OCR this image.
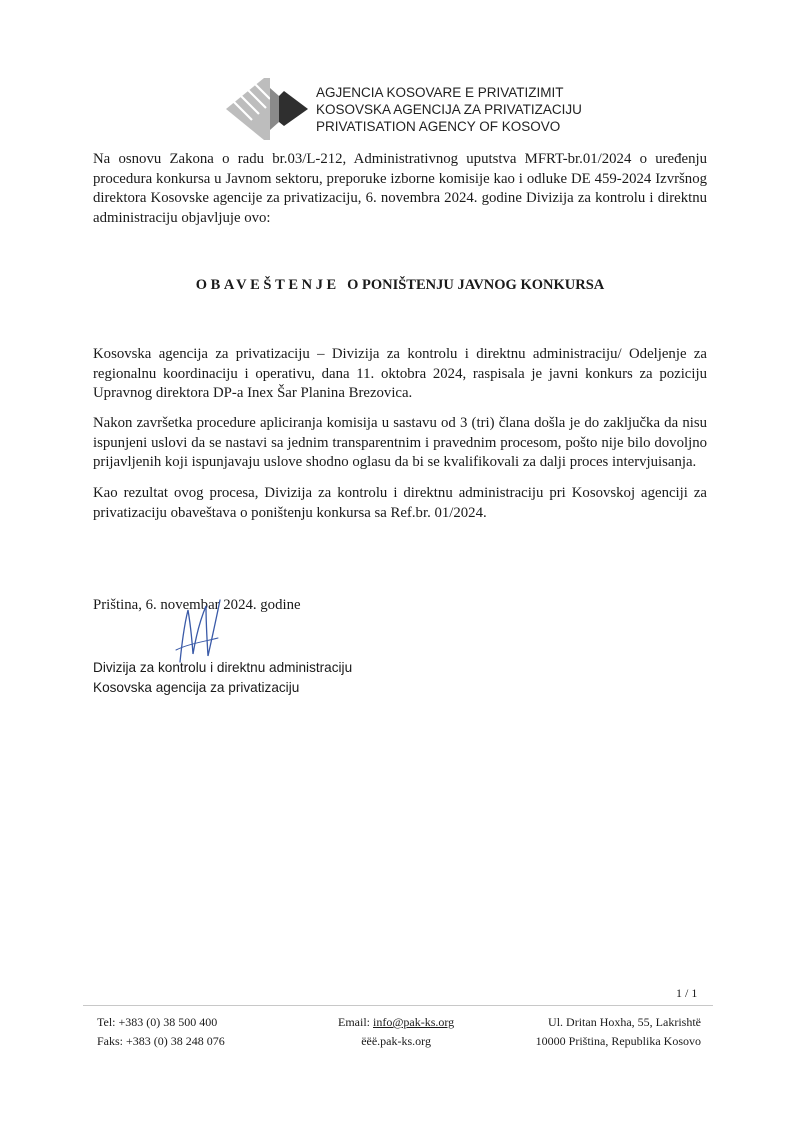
AGJENCIA KOSOVARE E PRIVATIZIMIT
KOSOVSKA AGENCIJA ZA PRIVATIZACIJU
PRIVATISATION AGENCY OF KOSOVO
Na osnovu Zakona o radu br.03/L-212, Administrativnog uputstva MFRT-br.01/2024 o uređenju procedura konkursa u Javnom sektoru, preporuke izborne komisije kao i odluke DE 459-2024 Izvršnog direktora Kosovske agencije za privatizaciju, 6. novembra 2024. godine Divizija za kontrolu i direktnu administraciju objavljuje ovo:
OBAVEŠTENJE O PONIŠTENJU JAVNOG KONKURSA
Kosovska agencija za privatizaciju – Divizija za kontrolu i direktnu administraciju/ Odeljenje za regionalnu koordinaciju i operativu, dana 11. oktobra 2024, raspisala je javni konkurs za poziciju Upravnog direktora DP-a Inex Šar Planina Brezovica.
Nakon završetka procedure apliciranja komisija u sastavu od 3 (tri) člana došla je do zaključka da nisu ispunjeni uslovi da se nastavi sa jednim transparentnim i pravednim procesom, pošto nije bilo dovoljno prijavljenih koji ispunjavaju uslove shodno oglasu da bi se kvalifikovali za dalji proces intervjuisanja.
Kao rezultat ovog procesa, Divizija za kontrolu i direktnu administraciju pri Kosovskoj agenciji za privatizaciju obaveštava o poništenju konkursa sa Ref.br. 01/2024.
Priština, 6. novembar 2024. godine
Divizija za kontrolu i direktnu administraciju
Kosovska agencija za privatizaciju
1 / 1
Tel: +383 (0) 38 500 400
Faks: +383 (0) 38 248 076
Email: info@pak-ks.org
ëëë.pak-ks.org
Ul. Dritan Hoxha, 55, Lakrishtë
10000 Priština, Republika Kosovo
